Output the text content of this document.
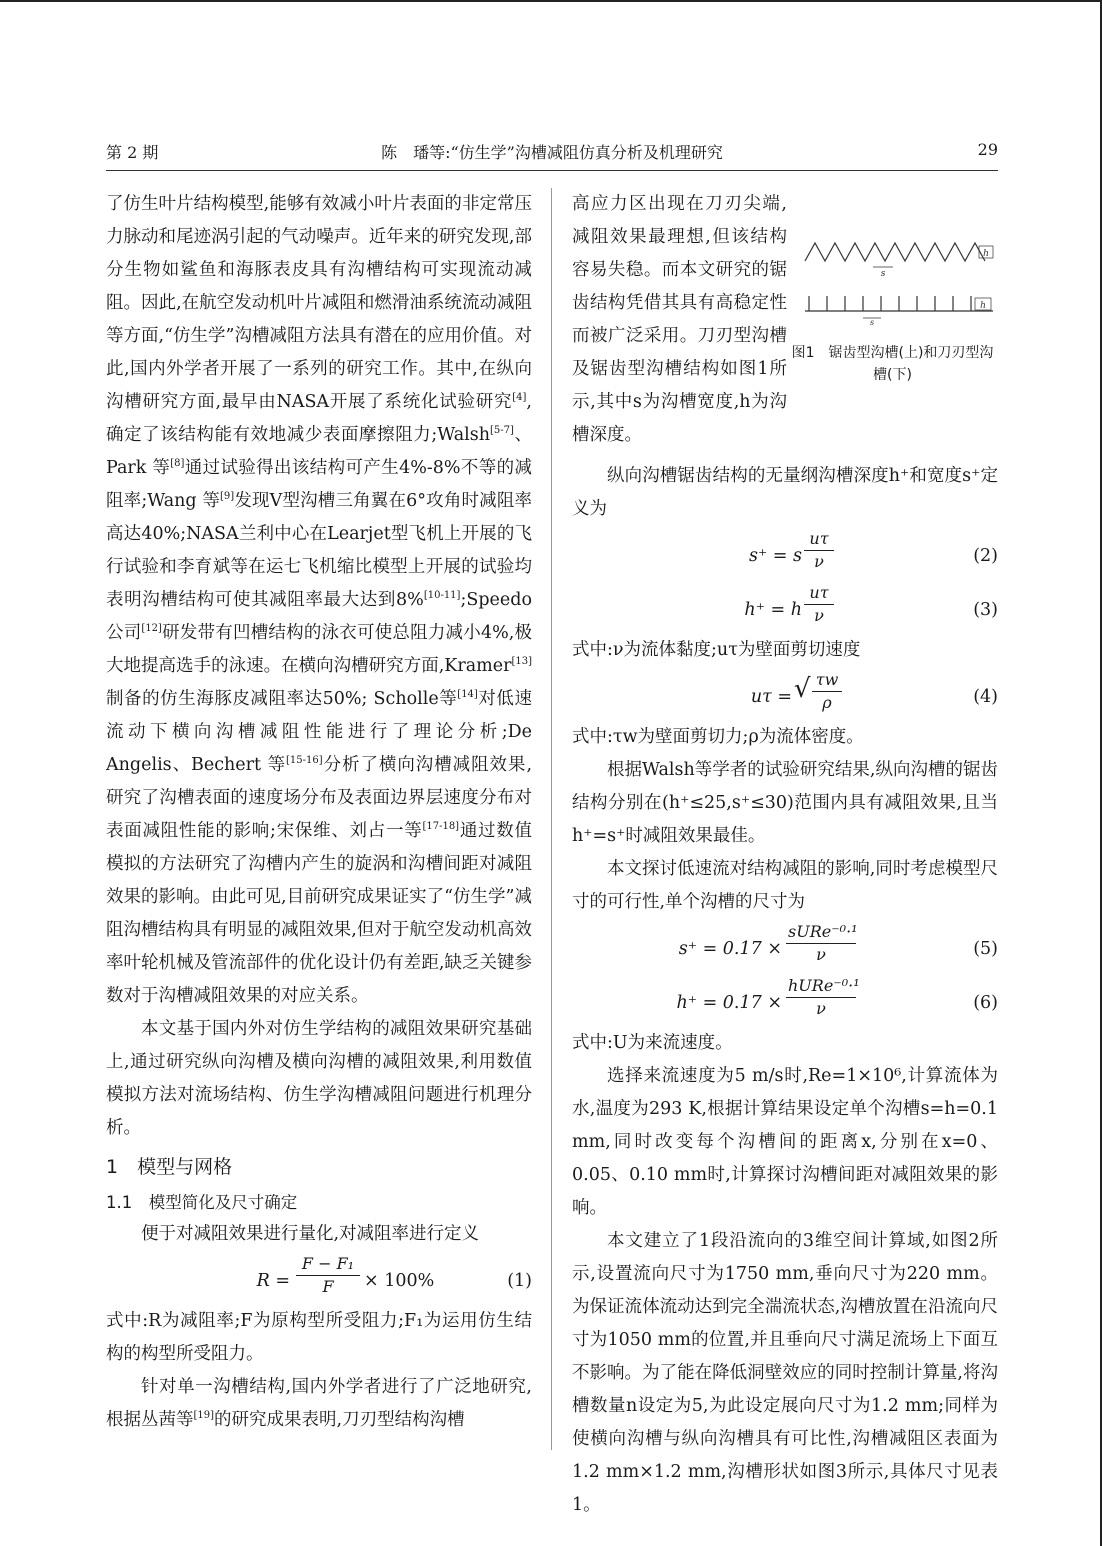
第 2 期	陈　璠等:“仿生学”沟槽减阻仿真分析及机理研究	29

了仿生叶片结构模型,能够有效减小叶片表面的非定常压力脉动和尾迹涡引起的气动噪声。近年来的研究发现,部分生物如鲨鱼和海豚表皮具有沟槽结构可实现流动减阻。因此,在航空发动机叶片减阻和燃滑油系统流动减阻等方面,“仿生学”沟槽减阻方法具有潜在的应用价值。对此,国内外学者开展了一系列的研究工作。其中,在纵向沟槽研究方面,最早由NASA开展了系统化试验研究[4],确定了该结构能有效地减少表面摩擦阻力;Walsh[5-7]、Park 等[8]通过试验得出该结构可产生4%-8%不等的减阻率;Wang 等[9]发现V型沟槽三角翼在6°攻角时减阻率高达40%;NASA兰利中心在Learjet型飞机上开展的飞行试验和李育斌等在运七飞机缩比模型上开展的试验均表明沟槽结构可使其减阻率最大达到8%[10-11];Speedo公司[12]研发带有凹槽结构的泳衣可使总阻力减小4%,极大地提高选手的泳速。在横向沟槽研究方面,Kramer[13]制备的仿生海豚皮减阻率达50%; Scholle等[14]对低速流动下横向沟槽减阻性能进行了理论分析;De Angelis、Bechert 等[15-16]分析了横向沟槽减阻效果,研究了沟槽表面的速度场分布及表面边界层速度分布对表面减阻性能的影响;宋保维、刘占一等[17-18]通过数值模拟的方法研究了沟槽内产生的旋涡和沟槽间距对减阻效果的影响。由此可见,目前研究成果证实了“仿生学”减阻沟槽结构具有明显的减阻效果,但对于航空发动机高效率叶轮机械及管流部件的优化设计仍有差距,缺乏关键参数对于沟槽减阻效果的对应关系。

本文基于国内外对仿生学结构的减阻效果研究基础上,通过研究纵向沟槽及横向沟槽的减阻效果,利用数值模拟方法对流场结构、仿生学沟槽减阻问题进行机理分析。

1　模型与网格
1.1　模型简化及尺寸确定

便于对减阻效果进行量化,对减阻率进行定义

$R = \frac{\text{F − F₁}}{F} \times 100\%$	(1)

式中:R为减阻率;F为原构型所受阻力;F₁为运用仿生结构的构型所受阻力。

针对单一沟槽结构,国内外学者进行了广泛地研究,根据丛茜等[19]的研究成果表明,刀刃型结构沟槽

高应力区出现在刀刃尖端,减阻效果最理想,但该结构容易失稳。而本文研究的锯齿结构凭借其具有高稳定性而被广泛采用。刀刃型沟槽及锯齿型沟槽结构如图1所示,其中s为沟槽宽度,h为沟槽深度。

s
h
s
h
图1　锯齿型沟槽(上)和刀刃型沟槽(下)

纵向沟槽锯齿结构的无量纲沟槽深度h⁺和宽度s⁺定义为

s⁺ = s $\frac{u\tau}{\nu}$	(2)
h⁺ = h $\frac{u\tau}{\nu}$	(3)

式中:ν为流体黏度;uτ为壁面剪切速度

uτ = √ $\frac{\tau w}{\rho}$	(4)

式中:τw为壁面剪切力;ρ为流体密度。

根据Walsh等学者的试验研究结果,纵向沟槽的锯齿结构分别在(h⁺≤25,s⁺≤30)范围内具有减阻效果,且当h⁺=s⁺时减阻效果最佳。

本文探讨低速流对结构减阻的影响,同时考虑模型尺寸的可行性,单个沟槽的尺寸为

s⁺ = 0.17 ×
sURe⁻⁰·¹
ν	(5)
h⁺ = 0.17 ×
hURe⁻⁰·¹
ν	(6)

式中:U为来流速度。

选择来流速度为5 m/s时,Re=1×10⁶,计算流体为水,温度为293 K,根据计算结果设定单个沟槽s=h=0.1 mm,同时改变每个沟槽间的距离x,分别在x=0、0.05、0.10 mm时,计算探讨沟槽间距对减阻效果的影响。

本文建立了1段沿流向的3维空间计算域,如图2所示,设置流向尺寸为1750 mm,垂向尺寸为220 mm。为保证流体流动达到完全湍流状态,沟槽放置在沿流向尺寸为1050 mm的位置,并且垂向尺寸满足流场上下面互不影响。为了能在降低洞壁效应的同时控制计算量,将沟槽数量n设定为5,为此设定展向尺寸为1.2 mm;同样为使横向沟槽与纵向沟槽具有可比性,沟槽减阻区表面为1.2 mm×1.2 mm,沟槽形状如图3所示,具体尺寸见表1。
